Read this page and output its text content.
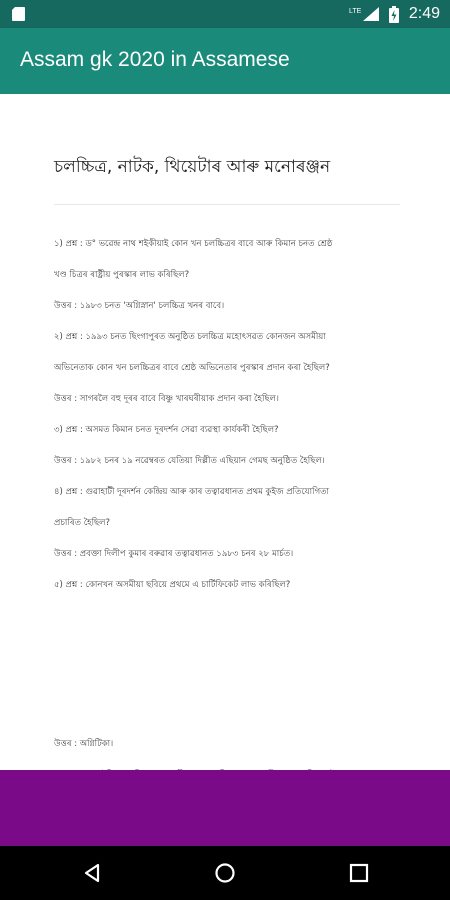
LTE	2:49
Assam gk 2020 in Assamese
চলচ্চিত্ৰ, নাটক, থিয়েটাৰ আৰু মনোৰঞ্জন

১) প্ৰশ্ন : ড° ভৱেন্দ্ৰ নাথ শইকীয়াই কোন খন চলচ্চিত্ৰৰ বাবে আৰু কিমান চনত শ্ৰেষ্ঠ

খণ্ড চিত্ৰৰ ৰাষ্ট্ৰীয় পুৰস্কাৰ লাভ কৰিছিল?

উত্তৰ : ১৯৮৩ চনত 'অগ্নিস্নান' চলচ্চিত্ৰ খনৰ বাবে।

২) প্ৰশ্ন : ১৯৯৩ চনত ছিংগাপুৰত অনুষ্ঠিত চলচ্চিত্ৰ মহোৎসৱত কোনজন অসমীয়া

অভিনেতাক কোন খন চলচ্চিত্ৰৰ বাবে শ্ৰেষ্ঠ অভিনেতাৰ পুৰস্কাৰ প্ৰদান কৰা হৈছিল?

উত্তৰ : সাগৰলৈ বহু দূৰৰ বাবে বিষ্ণু খাৰঘৰীয়াক প্ৰদান কৰা হৈছিল।

৩) প্ৰশ্ন : অসমত কিমান চনত দূৰদৰ্শন সেৱা ব্যৱস্থা কাৰ্যকৰী হৈছিল?

উত্তৰ : ১৯৮২ চনৰ ১৯ নৱেম্বৰত যেতিয়া দিল্লীত এছিয়ান গেমছ অনুষ্ঠিত হৈছিল।

৪) প্ৰশ্ন : গুৱাহাটী দূৰদৰ্শন কেন্দ্ৰিয় আৰু কাৰ তত্বাৱধানত প্ৰথম কুইজ প্ৰতিযোগিতা

প্ৰচাৰিত হৈছিল?

উত্তৰ : প্ৰবক্তা দিলীপ কুমাৰ বৰুৱাৰ তত্বাৱধানত ১৯৮৩ চনৰ ২৮ মাৰ্চত।

৫) প্ৰশ্ন : কোনখন অসমীয়া ছবিয়ে প্ৰথমে এ চাৰ্টিফিকেট লাভ কৰিছিল?

উত্তৰ : অগ্নিটিকা।
